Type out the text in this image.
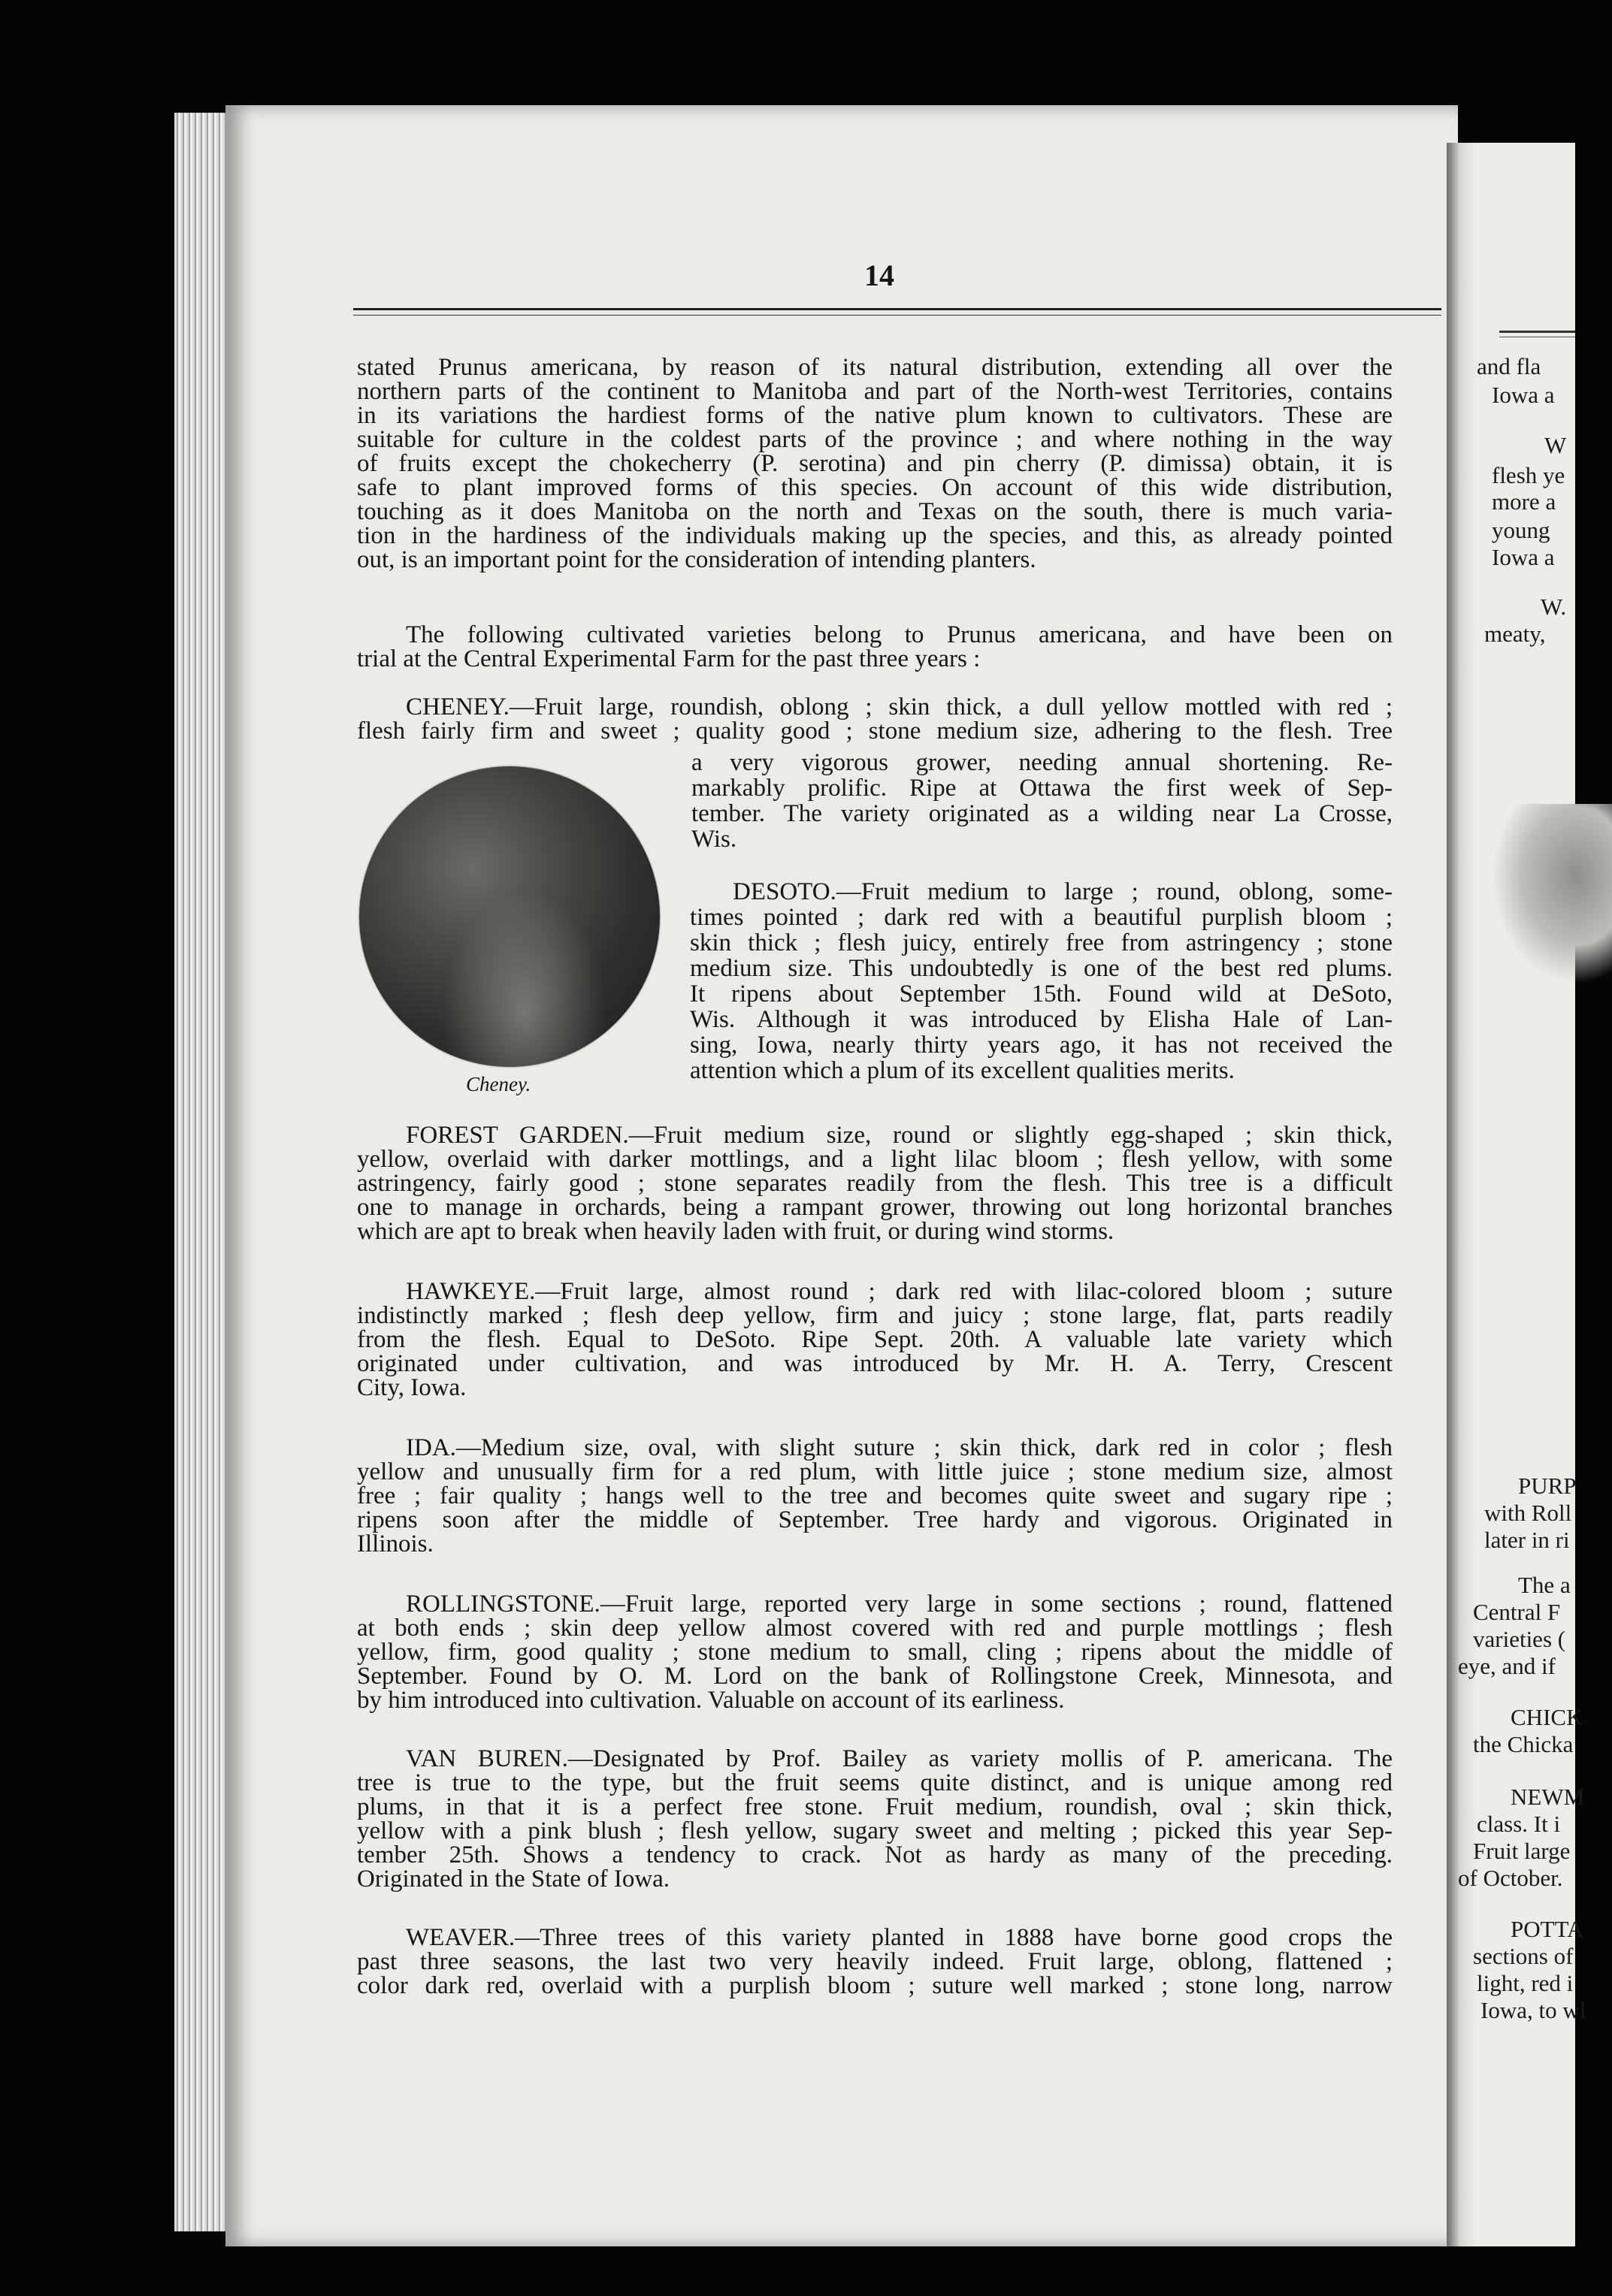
14
Cheney.
stated Prunus americana, by reason of its natural distribution, extending all over the
northern parts of the continent to Manitoba and part of the North-west Territories, contains
in its variations the hardiest forms of the native plum known to cultivators. These are
suitable for culture in the coldest parts of the province ; and where nothing in the way
of fruits except the chokecherry (P. serotina) and pin cherry (P. dimissa) obtain, it is
safe to plant improved forms of this species. On account of this wide distribution,
touching as it does Manitoba on the north and Texas on the south, there is much varia-
tion in the hardiness of the individuals making up the species, and this, as already pointed
out, is an important point for the consideration of intending planters.
The following cultivated varieties belong to Prunus americana, and have been on
trial at the Central Experimental Farm for the past three years :
CHENEY.—Fruit large, roundish, oblong ; skin thick, a dull yellow mottled with red ;
flesh fairly firm and sweet ; quality good ; stone medium size, adhering to the flesh. Tree
a very vigorous grower, needing annual shortening. Re-
markably prolific. Ripe at Ottawa the first week of Sep-
tember. The variety originated as a wilding near La Crosse,
Wis.
DESOTO.—Fruit medium to large ; round, oblong, some-
times pointed ; dark red with a beautiful purplish bloom ;
skin thick ; flesh juicy, entirely free from astringency ; stone
medium size. This undoubtedly is one of the best red plums.
It ripens about September 15th. Found wild at DeSoto,
Wis. Although it was introduced by Elisha Hale of Lan-
sing, Iowa, nearly thirty years ago, it has not received the
attention which a plum of its excellent qualities merits.
FOREST GARDEN.—Fruit medium size, round or slightly egg-shaped ; skin thick,
yellow, overlaid with darker mottlings, and a light lilac bloom ; flesh yellow, with some
astringency, fairly good ; stone separates readily from the flesh. This tree is a difficult
one to manage in orchards, being a rampant grower, throwing out long horizontal branches
which are apt to break when heavily laden with fruit, or during wind storms.
HAWKEYE.—Fruit large, almost round ; dark red with lilac-colored bloom ; suture
indistinctly marked ; flesh deep yellow, firm and juicy ; stone large, flat, parts readily
from the flesh. Equal to DeSoto. Ripe Sept. 20th. A valuable late variety which
originated under cultivation, and was introduced by Mr. H. A. Terry, Crescent
City, Iowa.
IDA.—Medium size, oval, with slight suture ; skin thick, dark red in color ; flesh
yellow and unusually firm for a red plum, with little juice ; stone medium size, almost
free ; fair quality ; hangs well to the tree and becomes quite sweet and sugary ripe ;
ripens soon after the middle of September. Tree hardy and vigorous. Originated in
Illinois.
ROLLINGSTONE.—Fruit large, reported very large in some sections ; round, flattened
at both ends ; skin deep yellow almost covered with red and purple mottlings ; flesh
yellow, firm, good quality ; stone medium to small, cling ; ripens about the middle of
September. Found by O. M. Lord on the bank of Rollingstone Creek, Minnesota, and
by him introduced into cultivation. Valuable on account of its earliness.
VAN BUREN.—Designated by Prof. Bailey as variety mollis of P. americana. The
tree is true to the type, but the fruit seems quite distinct, and is unique among red
plums, in that it is a perfect free stone. Fruit medium, roundish, oval ; skin thick,
yellow with a pink blush ; flesh yellow, sugary sweet and melting ; picked this year Sep-
tember 25th. Shows a tendency to crack. Not as hardy as many of the preceding.
Originated in the State of Iowa.
WEAVER.—Three trees of this variety planted in 1888 have borne good crops the
past three seasons, the last two very heavily indeed. Fruit large, oblong, flattened ;
color dark red, overlaid with a purplish bloom ; suture well marked ; stone long, narrow
and fla
Iowa a
W
flesh ye
more a
young
Iowa a
W.
meaty,
PURP
with Roll
later in ri
The a
Central F
varieties (
eye, and if
CHICK
the Chicka
NEWM
class. It i
Fruit large
of October.
POTTA
sections of
light, red i
Iowa, to wl
